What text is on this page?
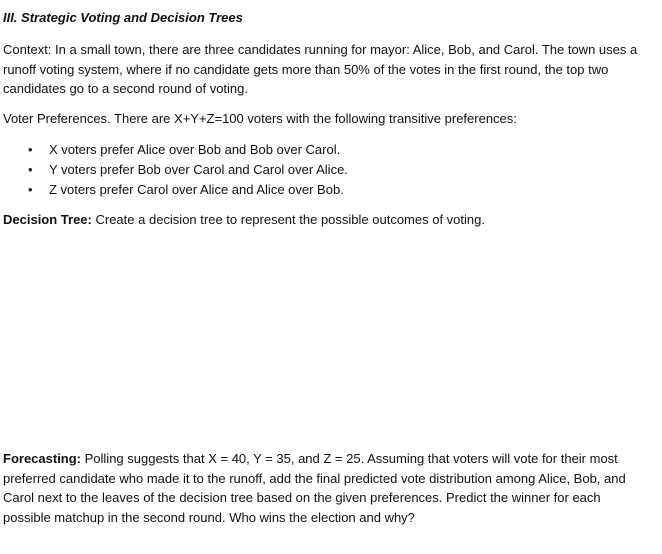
III. Strategic Voting and Decision Trees
Context: In a small town, there are three candidates running for mayor: Alice, Bob, and Carol. The town uses a runoff voting system, where if no candidate gets more than 50% of the votes in the first round, the top two candidates go to a second round of voting.
Voter Preferences. There are X+Y+Z=100 voters with the following transitive preferences:
• X voters prefer Alice over Bob and Bob over Carol.
• Y voters prefer Bob over Carol and Carol over Alice.
• Z voters prefer Carol over Alice and Alice over Bob.
Decision Tree: Create a decision tree to represent the possible outcomes of voting.
Forecasting: Polling suggests that X = 40, Y = 35, and Z = 25. Assuming that voters will vote for their most preferred candidate who made it to the runoff, add the final predicted vote distribution among Alice, Bob, and Carol next to the leaves of the decision tree based on the given preferences. Predict the winner for each possible matchup in the second round. Who wins the election and why?
